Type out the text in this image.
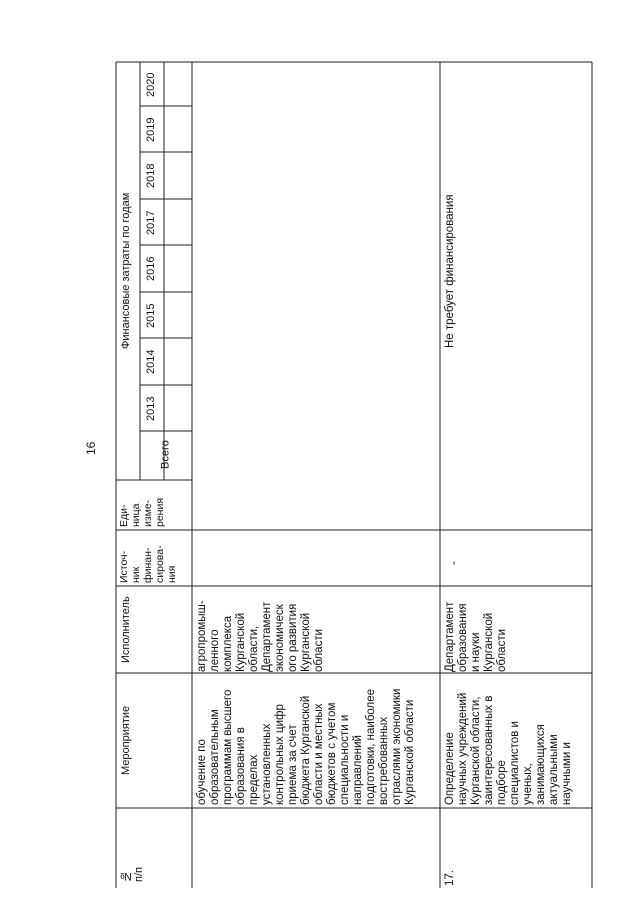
16
№
п/п
Мероприятие
Исполнитель
Источ-
ник
финан-
сирова-
ния
Еди-
ница
изме-
рения
Финансовые затраты по годам
Всего
2013
2014
2015
2016
2017
2018
2019
2020
обучение по
образовательным
программам высшего
образования в
пределах
установленных
контрольных цифр
приема за счет
бюджета Курганской
области и местных
бюджетов с учетом
специальности и
направлений
подготовки, наиболее
востребованных
отраслями экономики
Курганской области
агропромыш-
ленного
комплекса
Курганской
области,
Департамент
экономическ
ого развития
Курганской
области
17.
Определение
научных учреждений
Курганской области,
заинтересованных в
подборе
специалистов и
ученых,
занимающихся
актуальными
научными и
Департамент
образования
и науки
Курганской
области
-
Не требует финансирования
